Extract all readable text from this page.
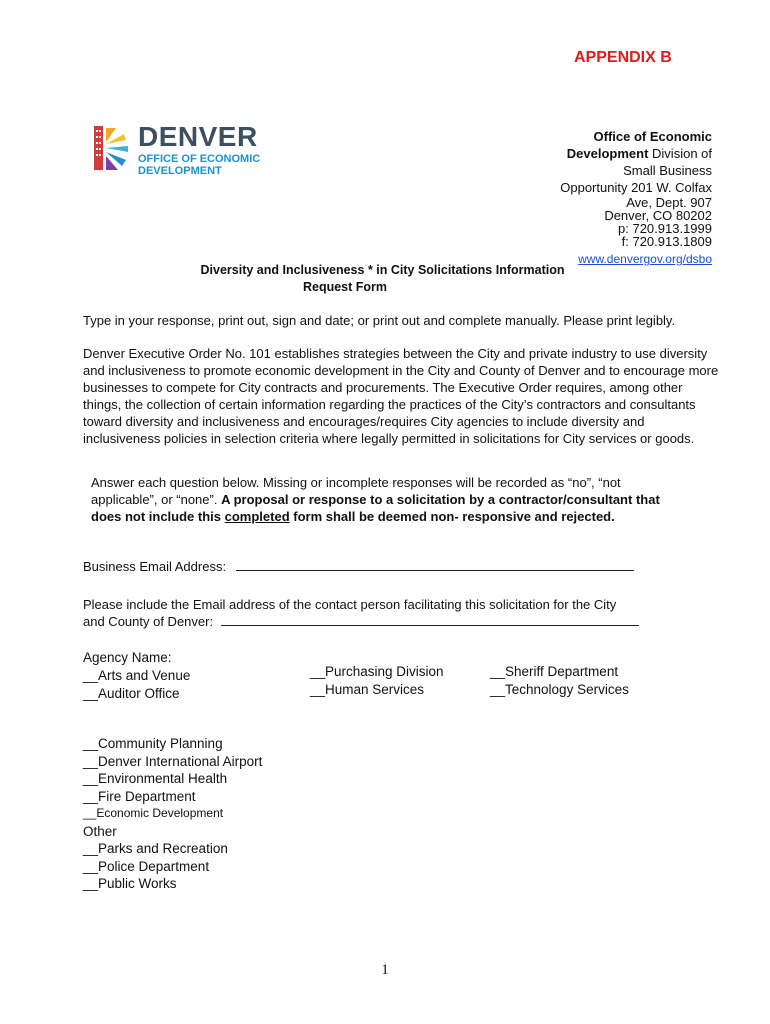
APPENDIX B
DENVER
OFFICE OF ECONOMIC
DEVELOPMENT
Office of Economic
Development Division of
Small Business
Opportunity 201 W. Colfax
Ave, Dept. 907
Denver, CO 80202
p: 720.913.1999
f: 720.913.1809
www.denvergov.org/dsbo
Diversity and Inclusiveness * in City Solicitations Information
Request Form
Type in your response, print out, sign and date; or print out and complete manually. Please print legibly.
Denver Executive Order No. 101 establishes strategies between the City and private industry to use diversity and inclusiveness to promote economic development in the City and County of Denver and to encourage more businesses to compete for City contracts and procurements. The Executive Order requires, among other things, the collection of certain information regarding the practices of the City’s contractors and consultants toward diversity and inclusiveness and encourages/requires City agencies to include diversity and inclusiveness policies in selection criteria where legally permitted in solicitations for City services or goods.
Answer each question below. Missing or incomplete responses will be recorded as “no”, “not applicable”, or “none”. A proposal or response to a solicitation by a contractor/consultant that does not include this completed form shall be deemed non- responsive and rejected.
Business Email Address:
Please include the Email address of the contact person facilitating this solicitation for the City
and County of Denver:
Agency Name:
__Arts and Venue
__Auditor Office
__Purchasing Division
__Human Services
__Sheriff Department
__Technology Services
__Community Planning
__Denver International Airport
__Environmental Health
__Fire Department
__Economic Development
Other
__Parks and Recreation
__Police Department
__Public Works
1
